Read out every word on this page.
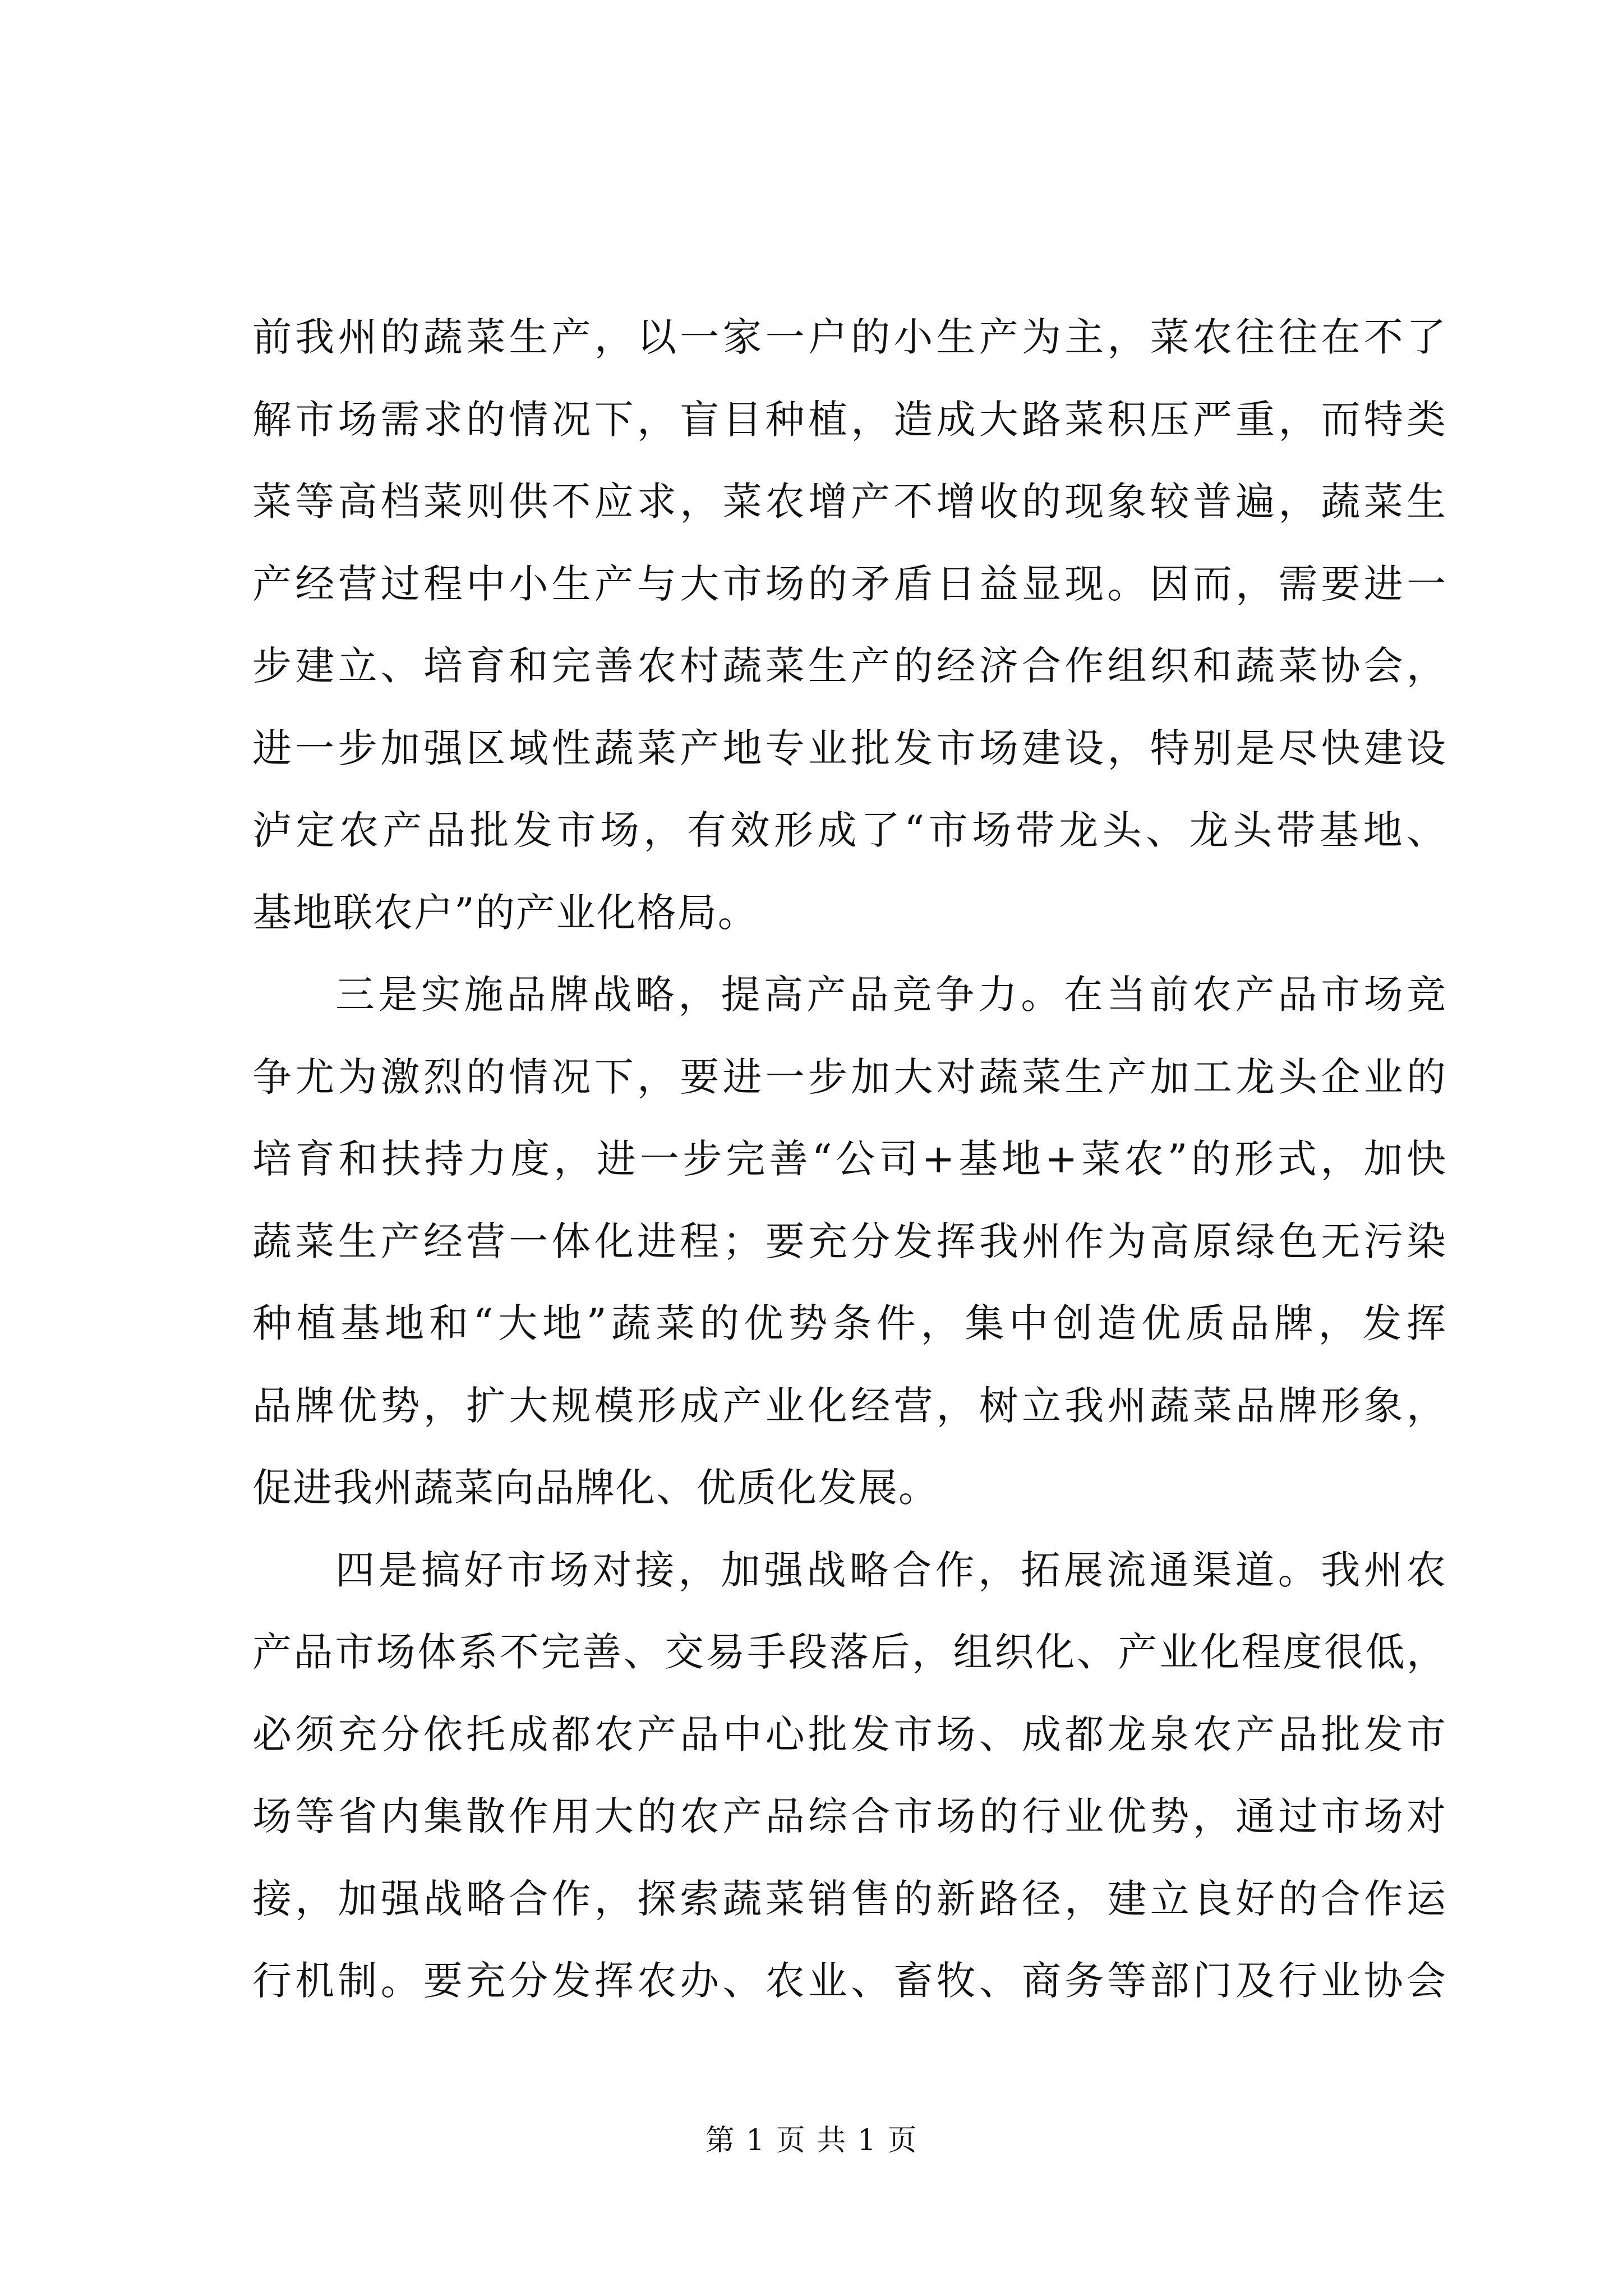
前我州的蔬菜生产，以一家一户的小生产为主，菜农往往在不了
解市场需求的情况下，盲目种植，造成大路菜积压严重，而特类
菜等高档菜则供不应求，菜农增产不增收的现象较普遍，蔬菜生
产经营过程中小生产与大市场的矛盾日益显现。因而，需要进一
步建立、培育和完善农村蔬菜生产的经济合作组织和蔬菜协会，
进一步加强区域性蔬菜产地专业批发市场建设，特别是尽快建设
泸定农产品批发市场，有效形成了“市场带龙头、龙头带基地、
基地联农户”的产业化格局。
三是实施品牌战略，提高产品竞争力。在当前农产品市场竞
争尤为激烈的情况下，要进一步加大对蔬菜生产加工龙头企业的
培育和扶持力度，进一步完善“公司+基地+菜农”的形式，加快
蔬菜生产经营一体化进程；要充分发挥我州作为高原绿色无污染
种植基地和“大地”蔬菜的优势条件，集中创造优质品牌，发挥
品牌优势，扩大规模形成产业化经营，树立我州蔬菜品牌形象，
促进我州蔬菜向品牌化、优质化发展。
四是搞好市场对接，加强战略合作，拓展流通渠道。我州农
产品市场体系不完善、交易手段落后，组织化、产业化程度很低，
必须充分依托成都农产品中心批发市场、成都龙泉农产品批发市
场等省内集散作用大的农产品综合市场的行业优势，通过市场对
接，加强战略合作，探索蔬菜销售的新路径，建立良好的合作运
行机制。要充分发挥农办、农业、畜牧、商务等部门及行业协会
第 1 页 共 1 页
